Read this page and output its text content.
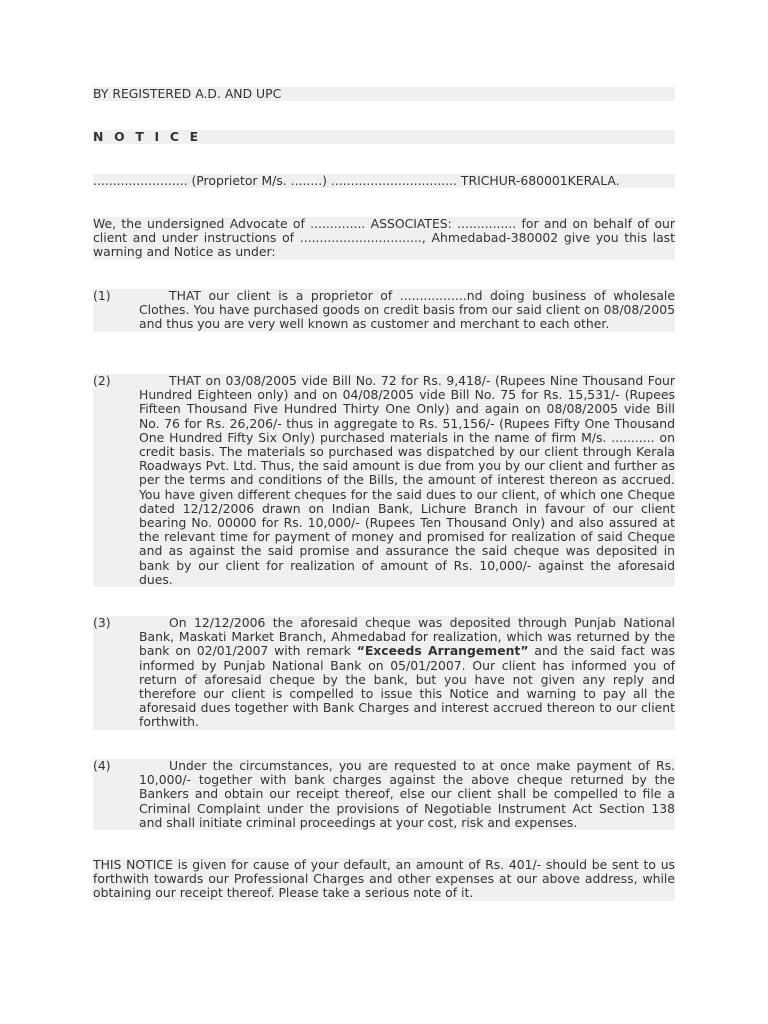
BY REGISTERED A.D. AND UPC
N O T I C E
........................ (Proprietor M/s. ........) ................................ TRICHUR-680001KERALA.
We, the undersigned Advocate of .............. ASSOCIATES: ............... for and on behalf of our client and under instructions of ..............................., Ahmedabad-380002 give you this last warning and Notice as under:
(1)	THAT our client is a proprietor of .................nd doing business of wholesale Clothes. You have purchased goods on credit basis from our said client on 08/08/2005 and thus you are very well known as customer and merchant to each other.
(2)	THAT on 03/08/2005 vide Bill No. 72 for Rs. 9,418/- (Rupees Nine Thousand Four Hundred Eighteen only) and on 04/08/2005 vide Bill No. 75 for Rs. 15,531/- (Rupees Fifteen Thousand Five Hundred Thirty One Only) and again on 08/08/2005 vide Bill No. 76 for Rs. 26,206/- thus in aggregate to Rs. 51,156/- (Rupees Fifty One Thousand One Hundred Fifty Six Only) purchased materials in the name of firm M/s. ........... on credit basis. The materials so purchased was dispatched by our client through Kerala Roadways Pvt. Ltd. Thus, the said amount is due from you by our client and further as per the terms and conditions of the Bills, the amount of interest thereon as accrued. You have given different cheques for the said dues to our client, of which one Cheque dated 12/12/2006 drawn on Indian Bank, Lichure Branch in favour of our client bearing No. 00000 for Rs. 10,000/- (Rupees Ten Thousand Only) and also assured at the relevant time for payment of money and promised for realization of said Cheque and as against the said promise and assurance the said cheque was deposited in bank by our client for realization of amount of Rs. 10,000/- against the aforesaid dues.
(3)	On 12/12/2006 the aforesaid cheque was deposited through Punjab National Bank, Maskati Market Branch, Ahmedabad for realization, which was returned by the bank on 02/01/2007 with remark “Exceeds Arrangement” and the said fact was informed by Punjab National Bank on 05/01/2007. Our client has informed you of return of aforesaid cheque by the bank, but you have not given any reply and therefore our client is compelled to issue this Notice and warning to pay all the aforesaid dues together with Bank Charges and interest accrued thereon to our client forthwith.
(4)	Under the circumstances, you are requested to at once make payment of Rs. 10,000/- together with bank charges against the above cheque returned by the Bankers and obtain our receipt thereof, else our client shall be compelled to file a Criminal Complaint under the provisions of Negotiable Instrument Act Section 138 and shall initiate criminal proceedings at your cost, risk and expenses.
THIS NOTICE is given for cause of your default, an amount of Rs. 401/- should be sent to us forthwith towards our Professional Charges and other expenses at our above address, while obtaining our receipt thereof. Please take a serious note of it.
